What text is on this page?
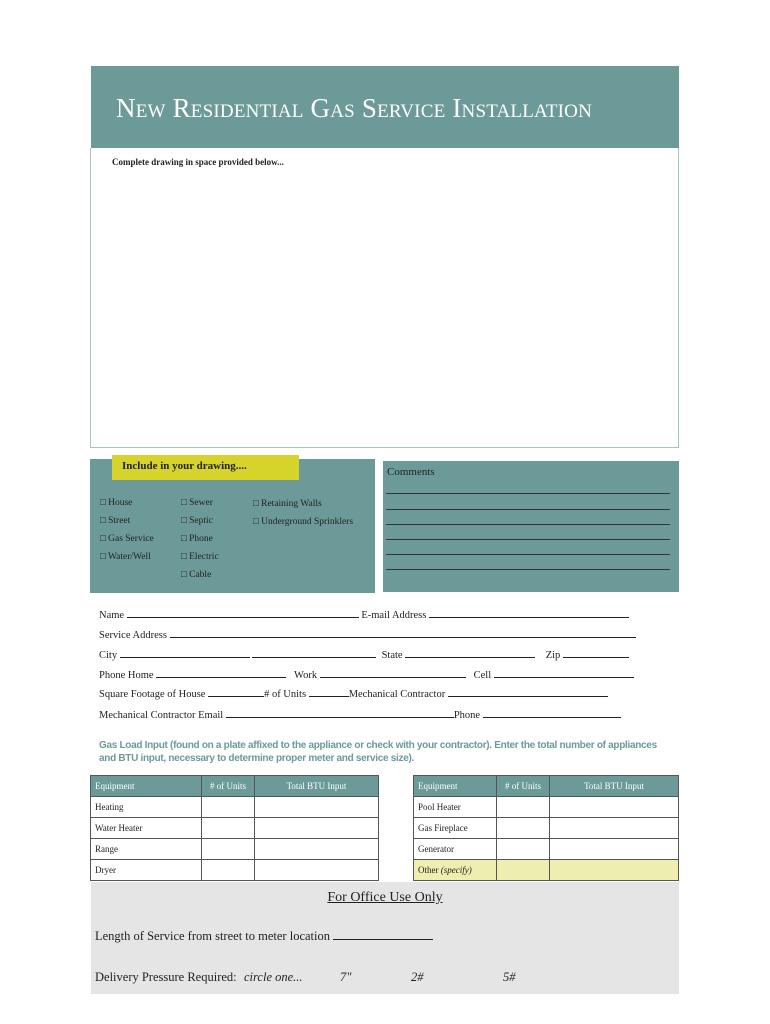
New Residential Gas Service Installation
Complete drawing in space provided below...
Include in your drawing....
□ House
□ Street
□ Gas Service
□ Water/Well
□ Sewer
□ Septic
□ Phone
□ Electric
□ Cable
□ Retaining Walls
□ Underground Sprinklers
Comments
Name	E-mail Address
Service Address
City	State	Zip
Phone Home	Work	Cell
Square Footage of House	# of Units	Mechanical Contractor
Mechanical Contractor Email	Phone
Gas Load Input (found on a plate affixed to the appliance or check with your contractor). Enter the total number of appliances and BTU input, necessary to determine proper meter and service size).
Equipment	# of Units	Total BTU Input
Heating		
Water Heater		
Range		
Dryer		
Equipment	# of Units	Total BTU Input
Pool Heater		
Gas Fireplace		
Generator		
Other (specify)		
For Office Use Only
Length of Service from street to meter location
Delivery Pressure Required: circle one...	7"	2#	5#
